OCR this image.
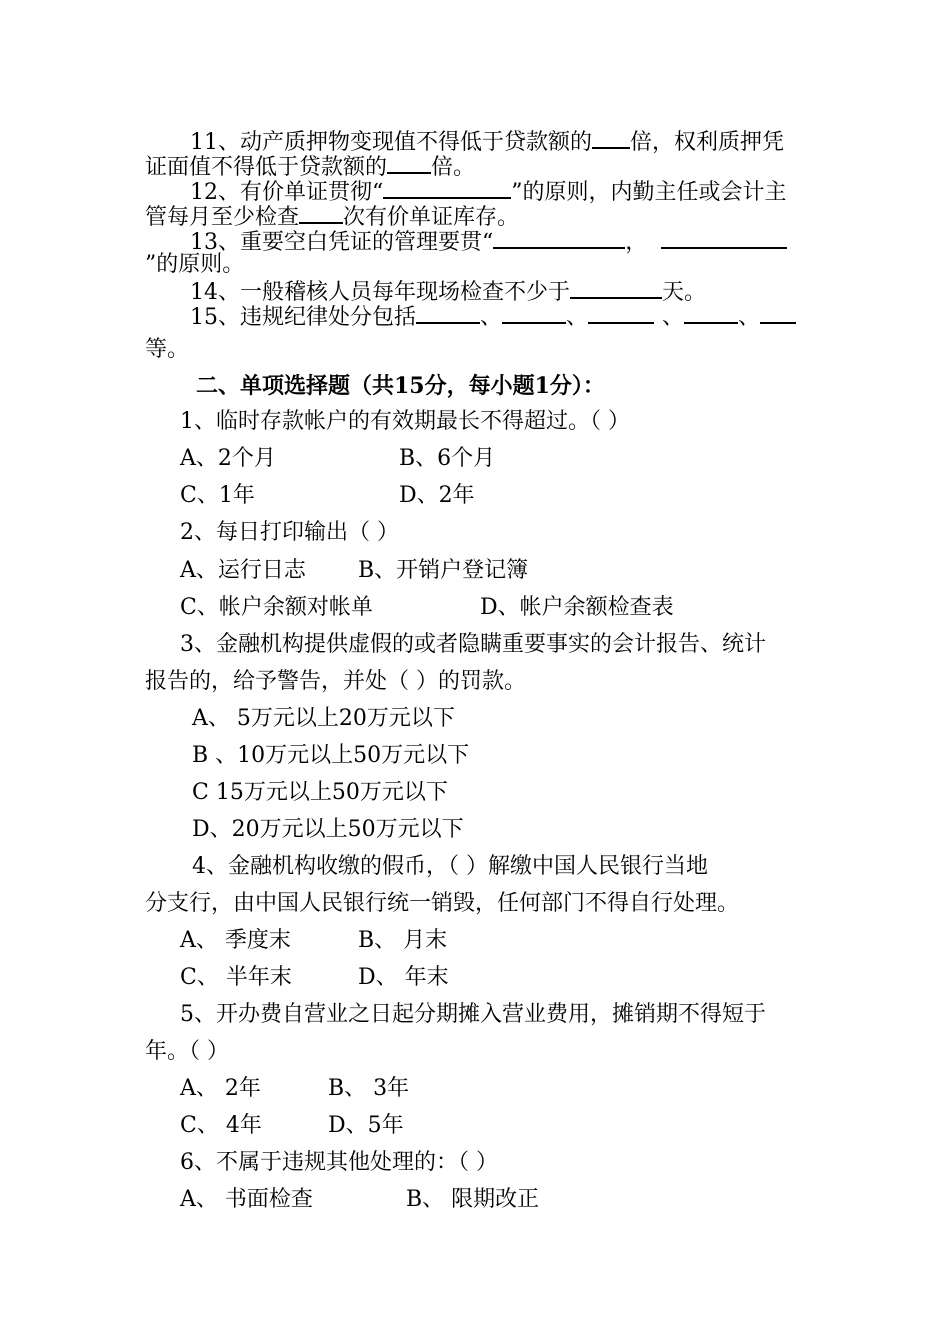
11、动产质押物变现值不得低于贷款额的 倍，权利质押凭
证面值不得低于贷款额的 倍。
12、有价单证贯彻“	”的原则，内勤主任或会计主
管每月至少检查 次有价单证库存。
13、重要空白凭证的管理要贯“	，
”的原则。
14、一般稽核人员每年现场检查不少于	天。
15、违规纪律处分包括	、	、	、 、
等。
二、单项选择题（共15分，每小题1分）：
1、临时存款帐户的有效期最长不得超过。（ ）
A、2个月	B、6个月
C、1年	D、2年
2、每日打印输出（ ）
A、运行日志 B、开销户登记簿
C、帐户余额对帐单	D、帐户余额检查表
3、金融机构提供虚假的或者隐瞒重要事实的会计报告、统计
报告的，给予警告，并处（ ）的罚款。
A、 5万元以上20万元以下
B 、10万元以上50万元以下
C 15万元以上50万元以下
D、20万元以上50万元以下
4、金融机构收缴的假币，（ ）解缴中国人民银行当地
分支行，由中国人民银行统一销毁，任何部门不得自行处理。
A、 季度末	B、 月末
C、 半年末	D、 年末
5、开办费自营业之日起分期摊入营业费用，摊销期不得短于
年。（ ）
A、 2年	B、 3年
C、 4年	D、5年
6、不属于违规其他处理的：（ ）
A、 书面检查	B、 限期改正
